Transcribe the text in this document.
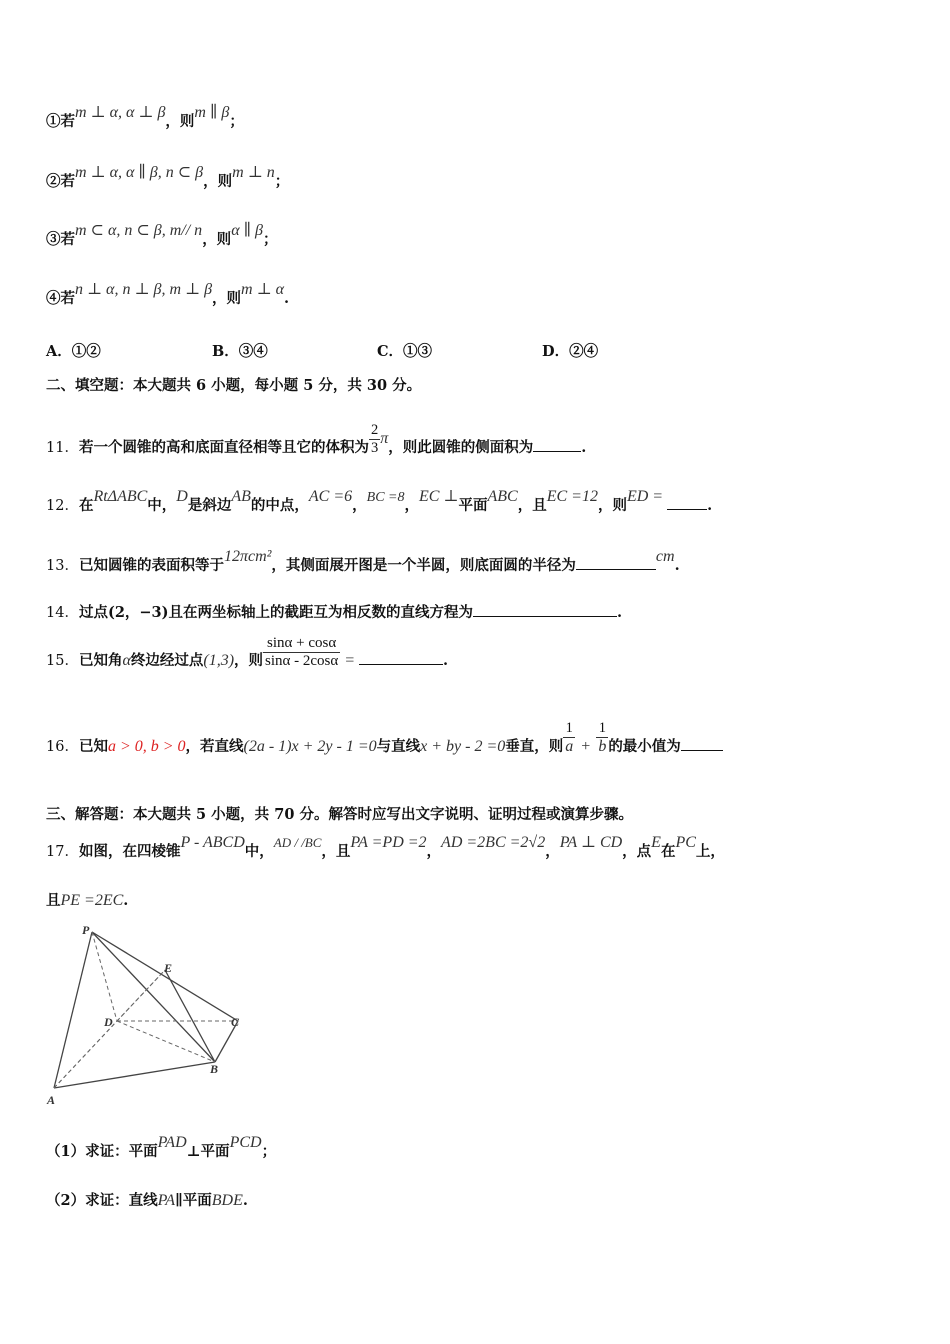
①若m ⊥ α, α ⊥ β，则m ∥ β；
②若m ⊥ α, α ∥ β, n ⊂ β，则m ⊥ n；
③若m ⊂ α, n ⊂ β, m// n，则α ∥ β；
④若n ⊥ α, n ⊥ β, m ⊥ β，则m ⊥ α.
A．①②	B．③④	C．①③	D．②④
二、填空题：本大题共 6 小题，每小题 5 分，共 30 分。
11．若一个圆锥的高和底面直径相等且它的体积为 $\frac{2}{3}$ π，则此圆锥的侧面积为	.
12．在RtΔABC中，D是斜边AB的中点，AC =6，BC =8，EC ⊥平面ABC，且EC =12，则ED =.
13．已知圆锥的表面积等于12πcm²，其侧面展开图是一个半圆，则底面圆的半径为cm.
14．过点(2，−3)且在两坐标轴上的截距互为相反数的直线方程为	.
15．已知角α终边经过点(1,3)，则 $\frac{\sin\alpha + \cos\alpha}{\sin\alpha - 2\cos\alpha}$ =	.
16．已知a > 0, b > 0，若直线(2a - 1)x + 2y - 1 =0与直线x + by - 2 =0垂直，则 $\frac{1}{a} + \frac{1}{b}$ 的最小值为
三、解答题：本大题共 5 小题，共 70 分。解答时应写出文字说明、证明过程或演算步骤。
17．如图，在四棱锥P - ABCD中，AD / /BC，且PA =PD =2，AD =2BC =2√2，PA ⊥ CD，点E在PC上，
且PE =2EC.
P
E
D	C
B
A
（1）求证：平面PAD⊥平面PCD；
（2）求证：直线PA∥平面BDE.
